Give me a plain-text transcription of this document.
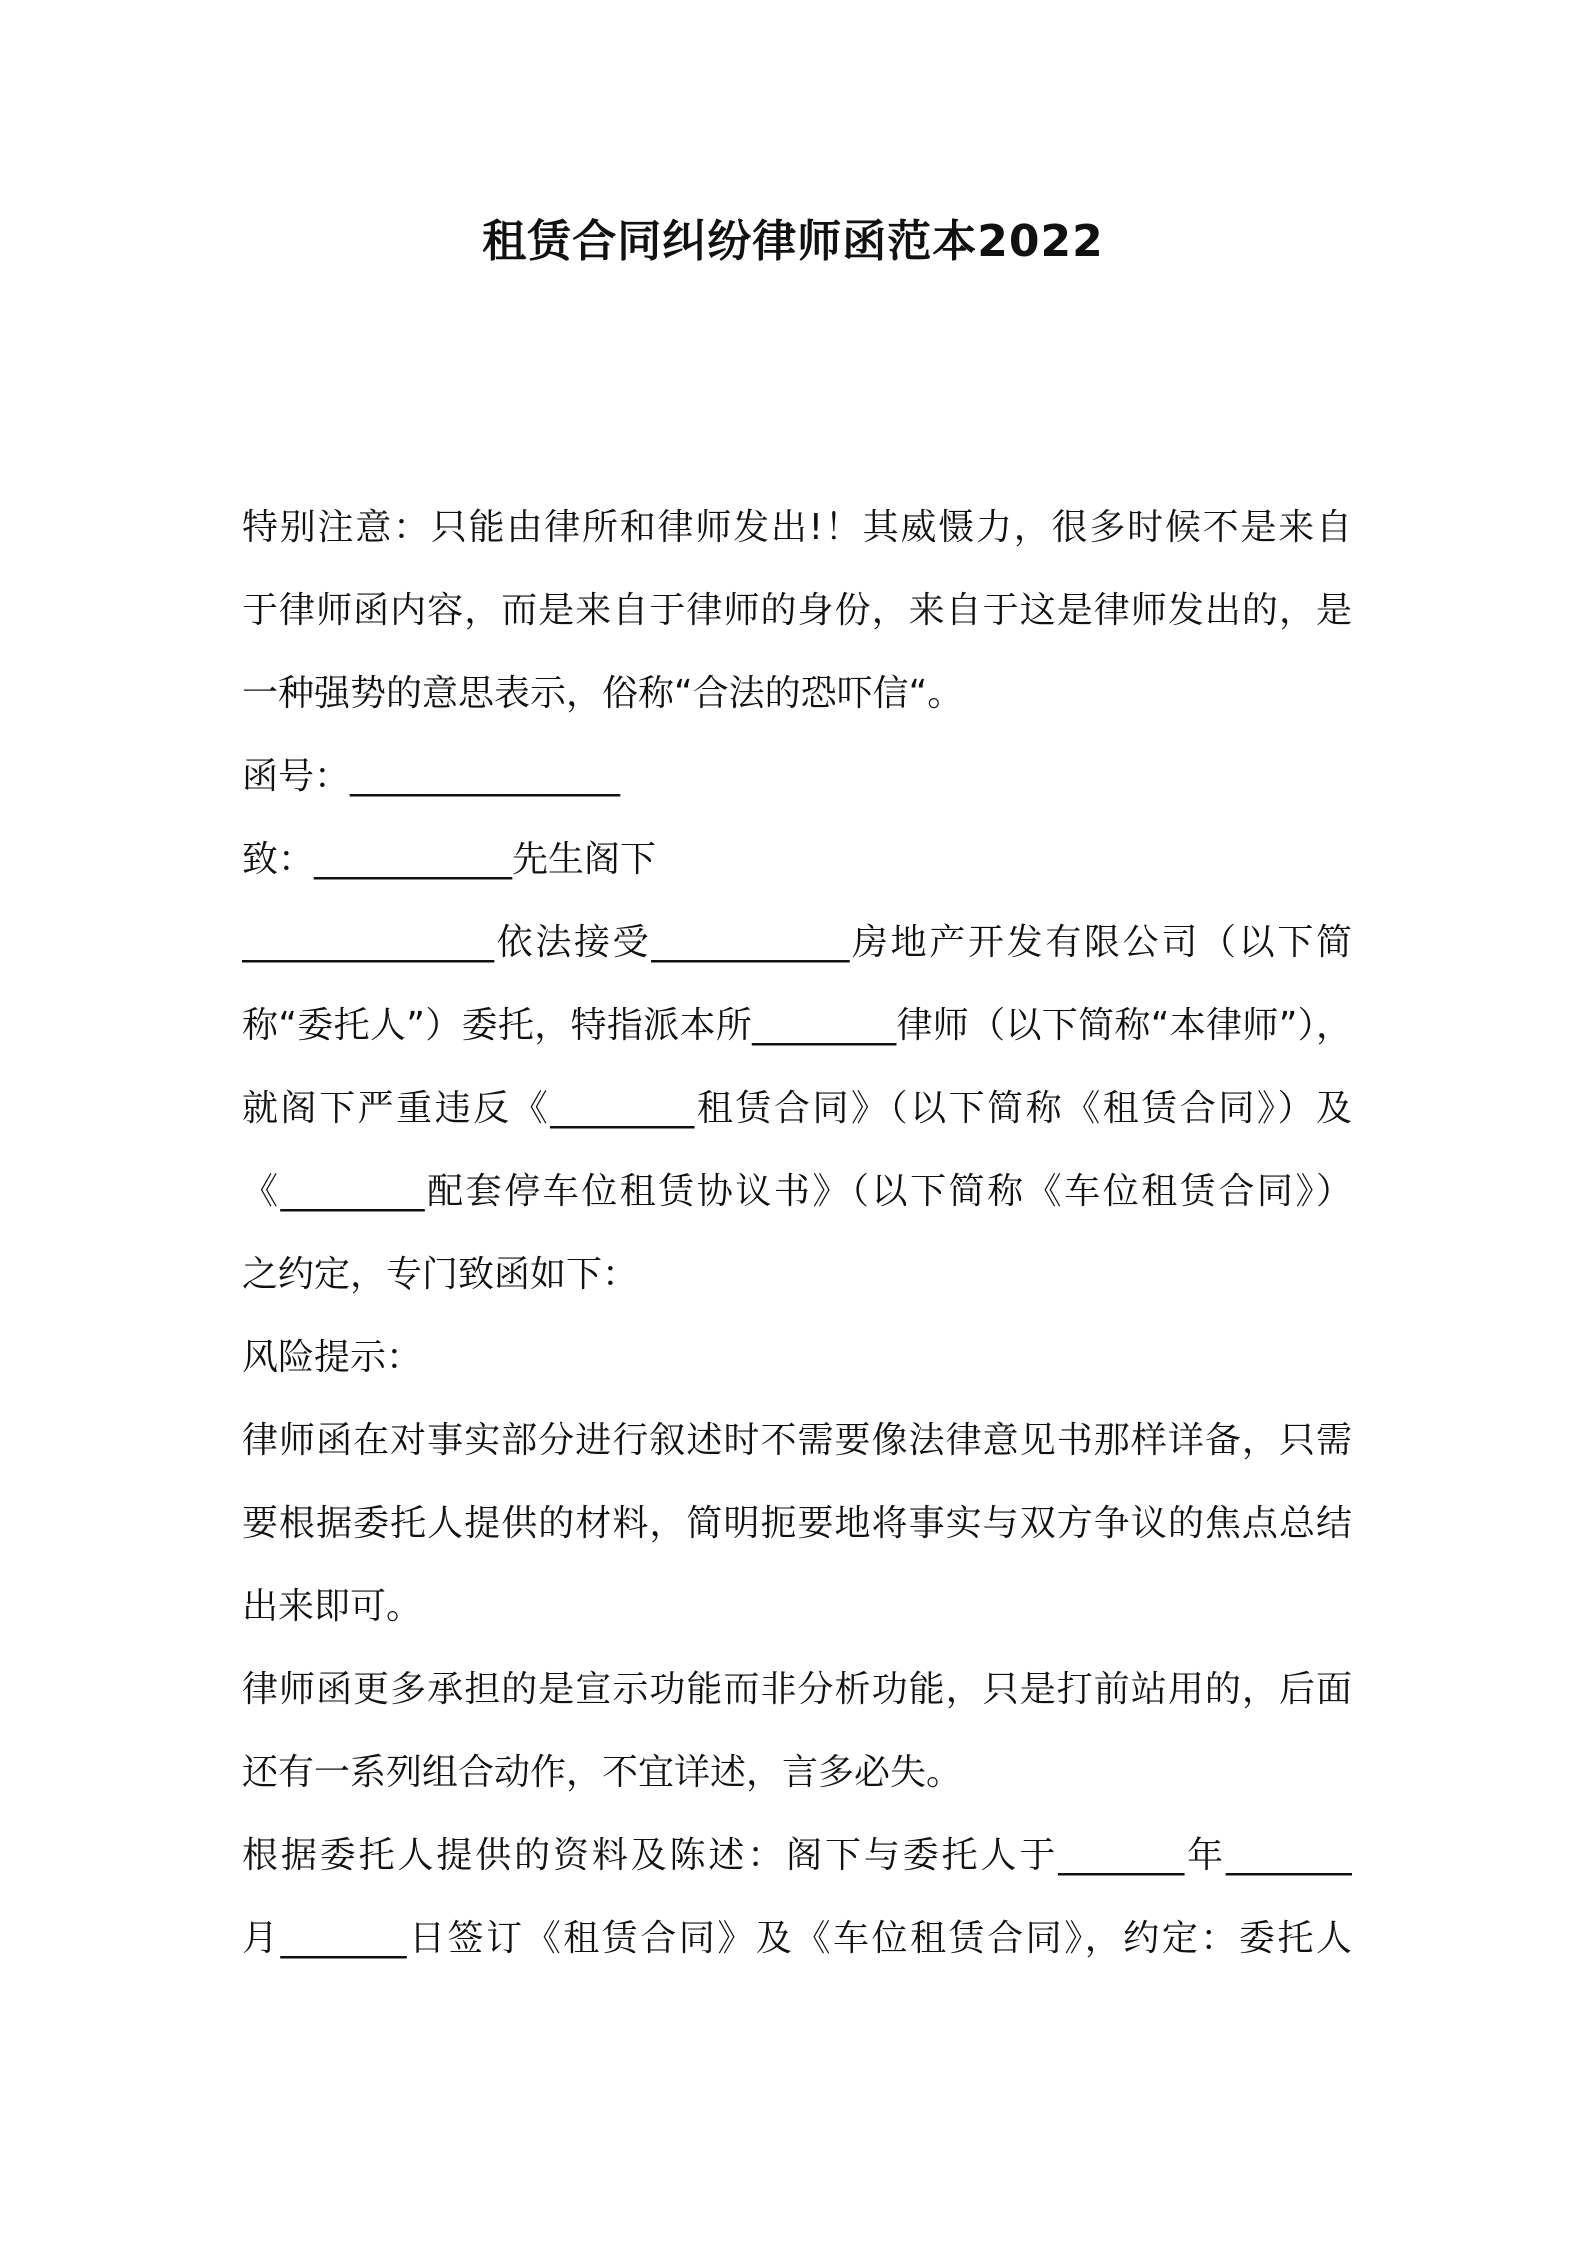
租赁合同纠纷律师函范本2022
特别注意：只能由律所和律师发出!！其威慑力，很多时候不是来自
于律师函内容，而是来自于律师的身份，来自于这是律师发出的，是
一种强势的意思表示，俗称“合法的恐吓信“。
函号：_______________
致：___________先生阁下
______________依法接受___________房地产开发有限公司（以下简
称“委托人”）委托，特指派本所________律师（以下简称“本律师”），
就阁下严重违反《________租赁合同》（以下简称《租赁合同》）及
《________配套停车位租赁协议书》（以下简称《车位租赁合同》）
之约定，专门致函如下：
风险提示：
律师函在对事实部分进行叙述时不需要像法律意见书那样详备，只需
要根据委托人提供的材料，简明扼要地将事实与双方争议的焦点总结
出来即可。
律师函更多承担的是宣示功能而非分析功能，只是打前站用的，后面
还有一系列组合动作，不宜详述，言多必失。
根据委托人提供的资料及陈述：阁下与委托人于_______年_______
月_______日签订《租赁合同》及《车位租赁合同》，约定：委托人
